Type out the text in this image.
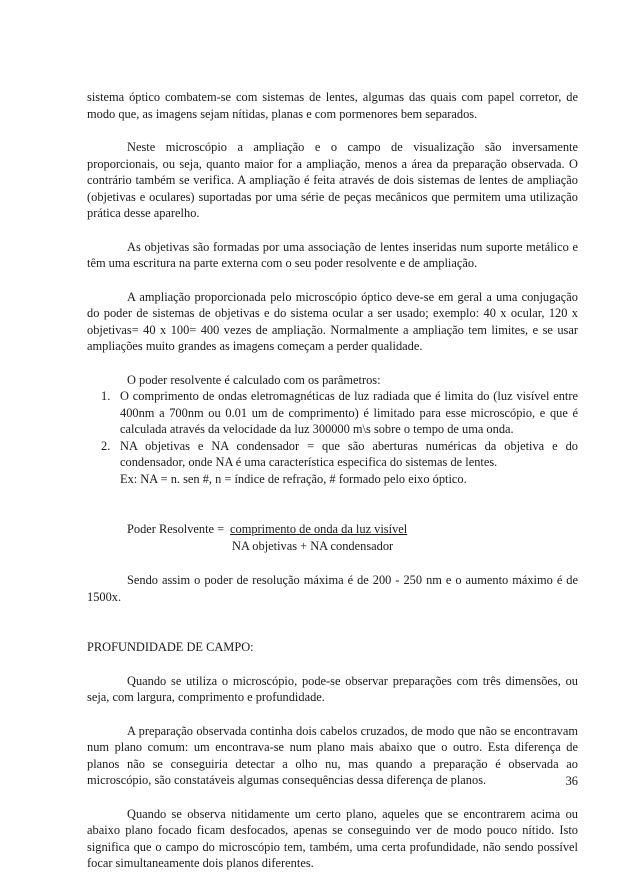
sistema óptico combatem-se com sistemas de lentes, algumas das quais com papel corretor, de modo que, as imagens sejam nítidas, planas e com pormenores bem separados.

Neste microscópio a ampliação e o campo de visualização são inversamente proporcionais, ou seja, quanto maior for a ampliação, menos a área da preparação observada. O contrário também se verifica. A ampliação é feita através de dois sistemas de lentes de ampliação (objetivas e oculares) suportadas por uma série de peças mecânicos que permitem uma utilização prática desse aparelho.

As objetivas são formadas por uma associação de lentes inseridas num suporte metálico e têm uma escritura na parte externa com o seu poder resolvente e de ampliação.

A ampliação proporcionada pelo microscópio óptico deve-se em geral a uma conjugação do poder de sistemas de objetivas e do sistema ocular a ser usado; exemplo: 40 x ocular, 120 x objetivas= 40 x 100= 400 vezes de ampliação. Normalmente a ampliação tem limites, e se usar ampliações muito grandes as imagens começam a perder qualidade.

O poder resolvente é calculado com os parâmetros:

1. O comprimento de ondas eletromagnéticas de luz radiada que é limita do (luz visível entre 400nm a 700nm ou 0.01 um de comprimento) é limitado para esse microscópio, e que é calculada através da velocidade da luz 300000 m\s sobre o tempo de uma onda.
2. NA objetivas e NA condensador = que são aberturas numéricas da objetiva e do condensador, onde NA é uma característica especifica do sistemas de lentes.
Ex: NA = n. sen #, n = índice de refração, # formado pelo eixo óptico.
Poder Resolvente = comprimento de onda da luz visível
NA objetivas + NA condensador

Sendo assim o poder de resolução máxima é de 200 - 250 nm e o aumento máximo é de 1500x.

PROFUNDIDADE DE CAMPO:

Quando se utiliza o microscópio, pode-se observar preparações com três dimensões, ou seja, com largura, comprimento e profundidade.

A preparação observada continha dois cabelos cruzados, de modo que não se encontravam num plano comum: um encontrava-se num plano mais abaixo que o outro. Esta diferença de planos não se conseguiria detectar a olho nu, mas quando a preparação é observada ao microscópio, são constatáveis algumas consequências dessa diferença de planos.

Quando se observa nitidamente um certo plano, aqueles que se encontrarem acima ou abaixo plano focado ficam desfocados, apenas se conseguindo ver de modo pouco nítido. Isto significa que o campo do microscópio tem, também, uma certa profundidade, não sendo possível focar simultaneamente dois planos diferentes.

36
